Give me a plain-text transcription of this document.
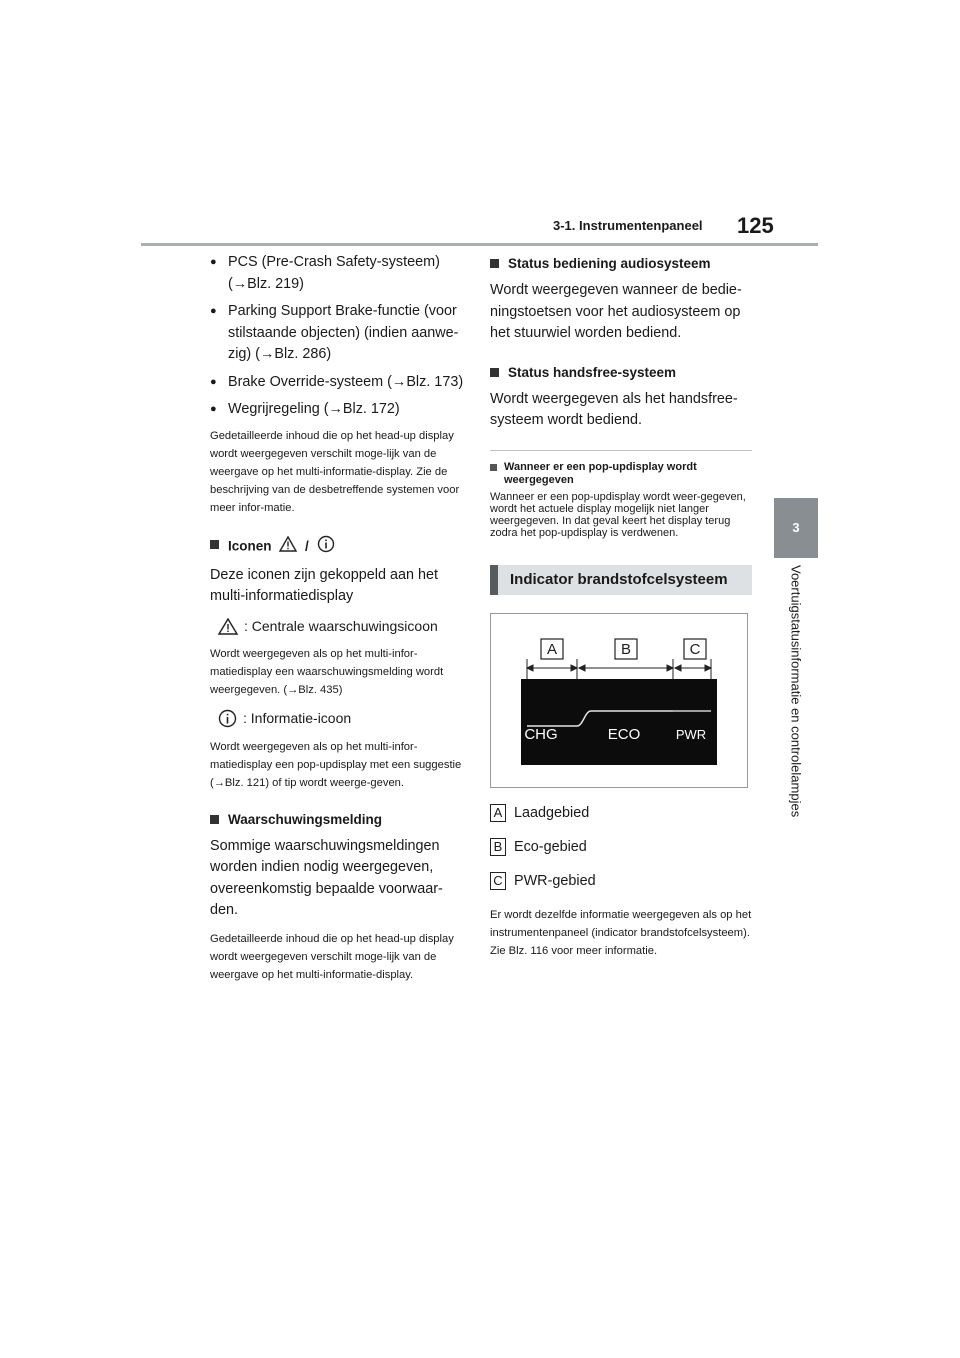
3-1. Instrumentenpaneel 125
3
Voertuigstatusinformatie en controlelampjes

● PCS (Pre-Crash Safety-systeem) (→Blz. 219)

● Parking Support Brake-functie (voor stilstaande objecten) (indien aanwe-zig) (→Blz. 286)

● Brake Override-systeem (→Blz. 173)

● Wegrijregeling (→Blz. 172)

Gedetailleerde inhoud die op het head-up display wordt weergegeven verschilt moge-lijk van de weergave op het multi-informatie-display. Zie de beschrijving van de desbetreffende systemen voor meer infor-matie.

Iconen /

Deze iconen zijn gekoppeld aan het multi-informatiedisplay

: Centrale waarschuwingsicoon

Wordt weergegeven als op het multi-infor-matiedisplay een waarschuwingsmelding wordt weergegeven. (→Blz. 435)

: Informatie-icoon

Wordt weergegeven als op het multi-infor-matiedisplay een pop-updisplay met een suggestie (→Blz. 121) of tip wordt weerge-geven.

Waarschuwingsmelding

Sommige waarschuwingsmeldingen worden indien nodig weergegeven, overeenkomstig bepaalde voorwaar-den.

Gedetailleerde inhoud die op het head-up display wordt weergegeven verschilt moge-lijk van de weergave op het multi-informatie-display.

Status bediening audiosysteem

Wordt weergegeven wanneer de bedie-ningstoetsen voor het audiosysteem op het stuurwiel worden bediend.

Status handsfree-systeem

Wordt weergegeven als het handsfree-systeem wordt bediend.

Wanneer er een pop-updisplay wordt weergegeven

Wanneer er een pop-updisplay wordt weer-gegeven, wordt het actuele display mogelijk niet langer weergegeven. In dat geval keert het display terug zodra het pop-updisplay is verdwenen.

Indicator brandstofcelsysteem
A	B	C
CHG	ECO	PWR
A Laadgebied
B Eco-gebied
C PWR-gebied

Er wordt dezelfde informatie weergegeven als op het instrumentenpaneel (indicator brandstofcelsysteem). Zie Blz. 116 voor meer informatie.
